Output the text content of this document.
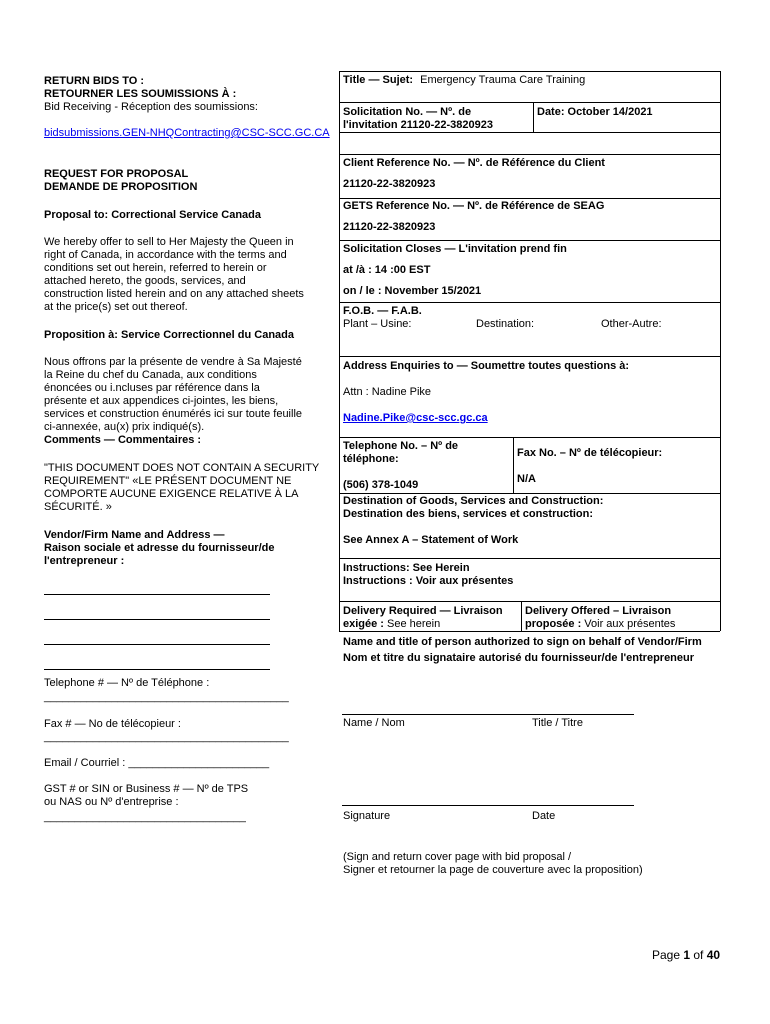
RETURN BIDS TO :
RETOURNER LES SOUMISSIONS À :
Bid Receiving - Réception des soumissions:
bidsubmissions.GEN-NHQContracting@CSC-SCC.GC.CA
REQUEST FOR PROPOSAL
DEMANDE DE PROPOSITION
Proposal to: Correctional Service Canada
We hereby offer to sell to Her Majesty the Queen in
right of Canada, in accordance with the terms and
conditions set out herein, referred to herein or
attached hereto, the goods, services, and
construction listed herein and on any attached sheets
at the price(s) set out thereof.
Proposition à: Service Correctionnel du Canada
Nous offrons par la présente de vendre à Sa Majesté
la Reine du chef du Canada, aux conditions
énoncées ou i.ncluses par référence dans la
présente et aux appendices ci-jointes, les biens,
services et construction énumérés ici sur toute feuille
ci-annexée, au(x) prix indiqué(s).
Comments — Commentaires :
"THIS DOCUMENT DOES NOT CONTAIN A SECURITY
REQUIREMENT" «LE PRÉSENT DOCUMENT NE
COMPORTE AUCUNE EXIGENCE RELATIVE À LA
SÉCURITÉ. »
Vendor/Firm Name and Address —
Raison sociale et adresse du fournisseur/de
l'entrepreneur :
Telephone # — Nº de Téléphone :
________________________________________
Fax # — No de télécopieur :
________________________________________
Email / Courriel : _______________________
GST # or SIN or Business # — Nº de TPS
ou NAS ou Nº d'entreprise :
_________________________________
Title — Sujet: Emergency Trauma Care Training
Solicitation No. — Nº. de
l'invitation 21120-22-3820923
Date: October 14/2021
Client Reference No. — Nº. de Référence du Client
21120-22-3820923
GETS Reference No. — Nº. de Référence de SEAG
21120-22-3820923
Solicitation Closes — L'invitation prend fin
at /à : 14 :00 EST
on / le : November 15/2021
F.O.B. — F.A.B.
Plant – Usine:	Destination:	Other-Autre:
Address Enquiries to — Soumettre toutes questions à:
Attn : Nadine Pike
Nadine.Pike@csc-scc.gc.ca
Telephone No. – Nº de
téléphone:
(506) 378-1049
Fax No. – Nº de télécopieur:
N/A
Destination of Goods, Services and Construction:
Destination des biens, services et construction:
See Annex A – Statement of Work
Instructions: See Herein
Instructions : Voir aux présentes
Delivery Required — Livraison
exigée : See herein
Delivery Offered – Livraison
proposée : Voir aux présentes
Name and title of person authorized to sign on behalf of Vendor/Firm
Nom et titre du signataire autorisé du fournisseur/de l'entrepreneur
Name / Nom	Title / Titre
Signature	Date
(Sign and return cover page with bid proposal /
Signer et retourner la page de couverture avec la proposition)
Page 1 of 40
